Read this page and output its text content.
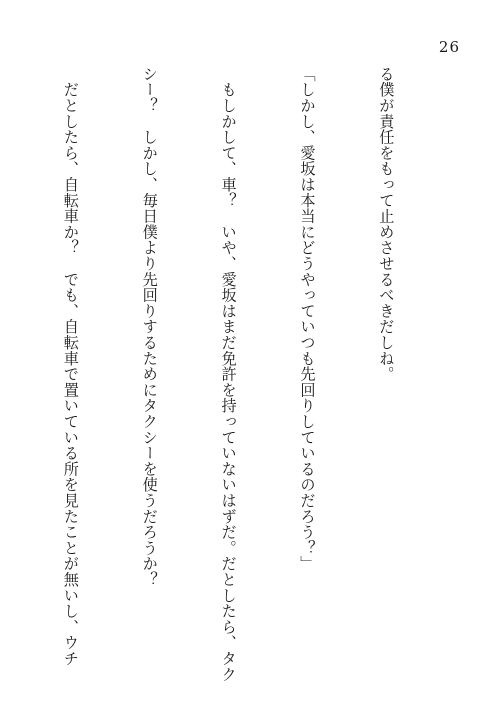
26

る僕が責任をもって止めさせるべきだしね。

「しかし、愛坂は本当にどうやっていつも先回りしているのだろう？」

　もしかして、車？　いや、愛坂はまだ免許を持っていないはずだ。だとしたら、タク

シー？　しかし、毎日僕より先回りするためにタクシーを使うだろうか？

　だとしたら、自転車か？　でも、自転車で置いている所を見たことが無いし、ウチ
